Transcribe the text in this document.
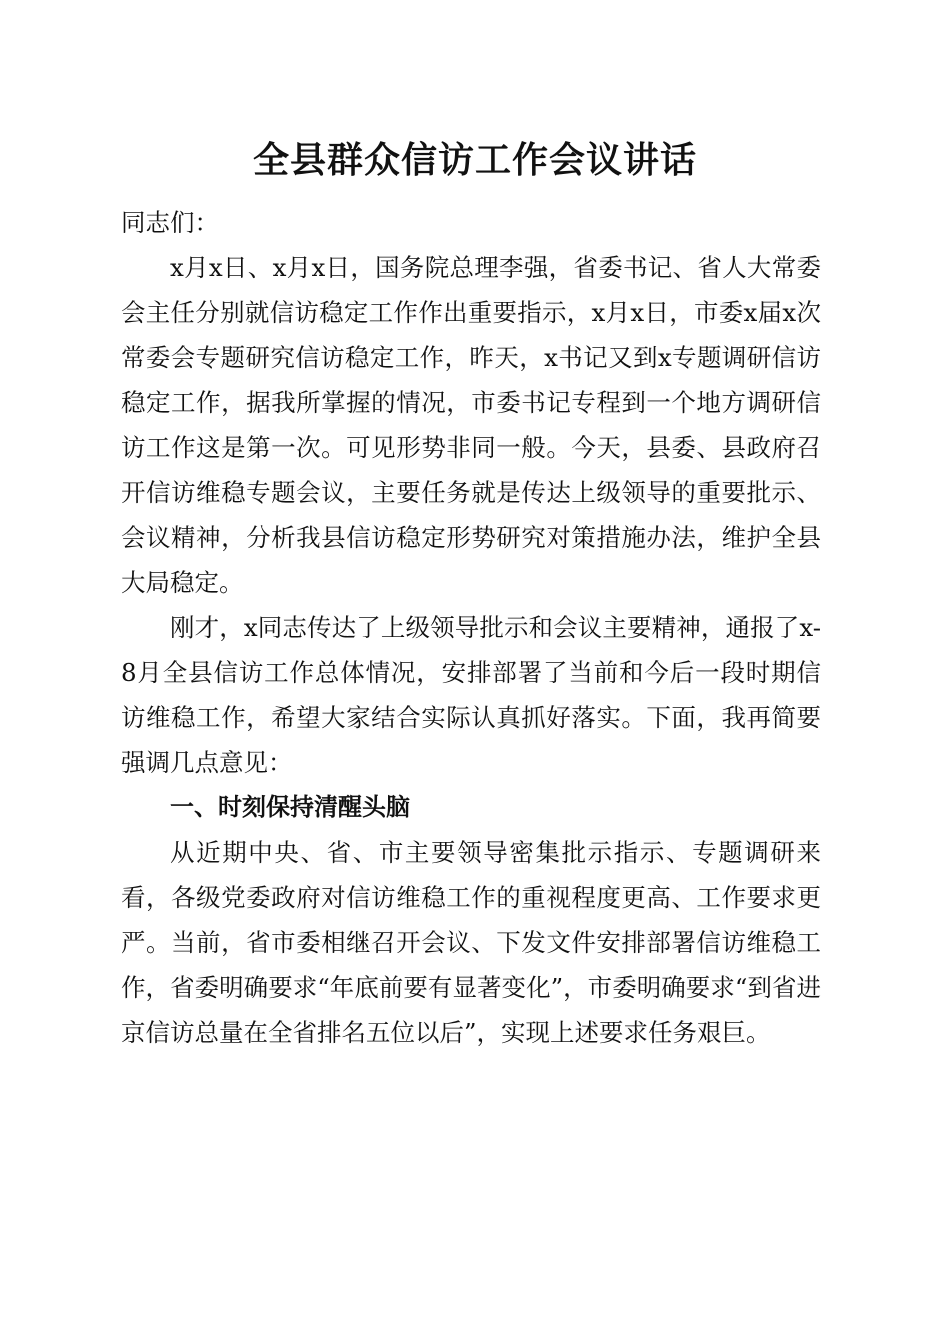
全县群众信访工作会议讲话

同志们：

x月x日、x月x日，国务院总理李强，省委书记、省人大常委会主任分别就信访稳定工作作出重要指示，x月x日，市委x届x次常委会专题研究信访稳定工作，昨天，x书记又到x专题调研信访稳定工作，据我所掌握的情况，市委书记专程到一个地方调研信访工作这是第一次。可见形势非同一般。今天，县委、县政府召开信访维稳专题会议，主要任务就是传达上级领导的重要批示、会议精神，分析我县信访稳定形势研究对策措施办法，维护全县大局稳定。

刚才，x同志传达了上级领导批示和会议主要精神，通报了x-8月全县信访工作总体情况，安排部署了当前和今后一段时期信访维稳工作，希望大家结合实际认真抓好落实。下面，我再简要强调几点意见：

一、时刻保持清醒头脑

从近期中央、省、市主要领导密集批示指示、专题调研来看，各级党委政府对信访维稳工作的重视程度更高、工作要求更严。当前，省市委相继召开会议、下发文件安排部署信访维稳工作，省委明确要求“年底前要有显著变化”，市委明确要求“到省进京信访总量在全省排名五位以后”，实现上述要求任务艰巨。
